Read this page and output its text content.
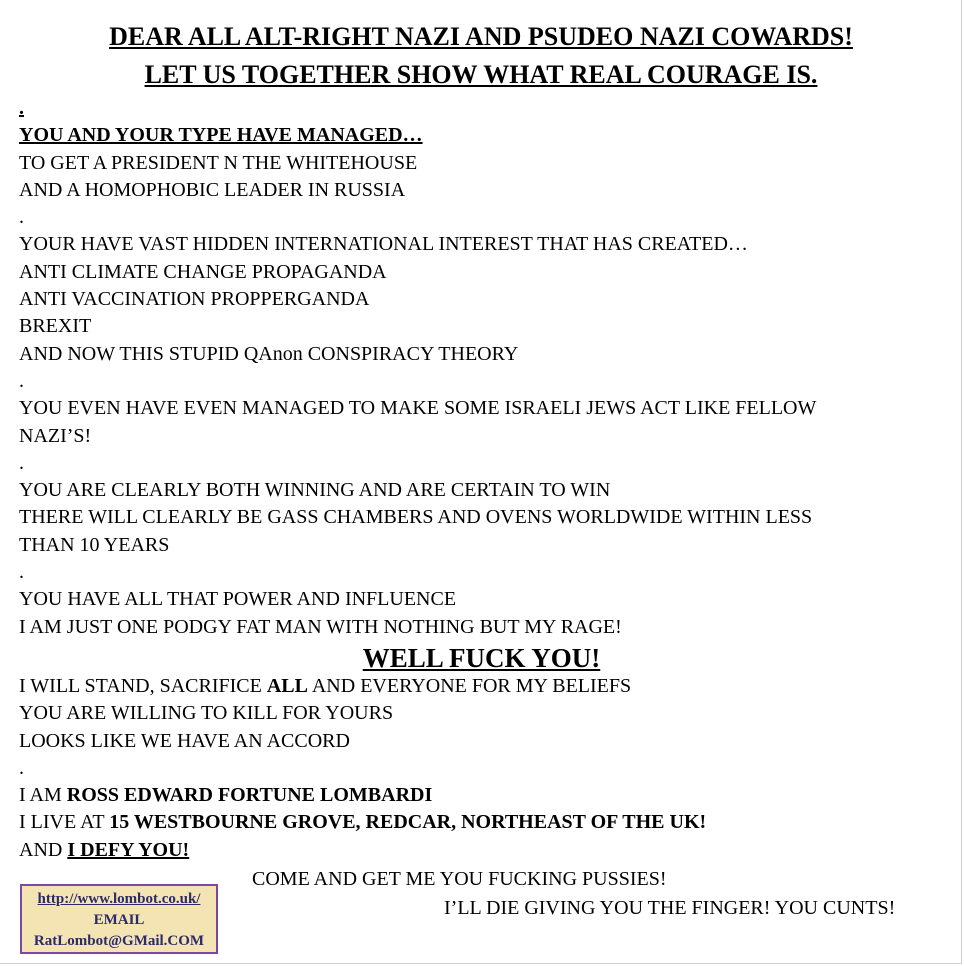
DEAR ALL ALT-RIGHT NAZI AND PSUDEO NAZI COWARDS!
LET US TOGETHER SHOW WHAT REAL COURAGE IS.
.
YOU AND YOUR TYPE HAVE MANAGED…
TO GET A PRESIDENT N THE WHITEHOUSE
AND A HOMOPHOBIC LEADER IN RUSSIA
.
YOUR HAVE VAST HIDDEN INTERNATIONAL INTEREST THAT HAS CREATED…
ANTI CLIMATE CHANGE PROPAGANDA
ANTI VACCINATION PROPPERGANDA
BREXIT
AND NOW THIS STUPID QAnon CONSPIRACY THEORY
.
YOU EVEN HAVE EVEN MANAGED TO MAKE SOME ISRAELI JEWS ACT LIKE FELLOW
NAZI’S!
.
YOU ARE CLEARLY BOTH WINNING AND ARE CERTAIN TO WIN
THERE WILL CLEARLY BE GASS CHAMBERS AND OVENS WORLDWIDE WITHIN LESS
THAN 10 YEARS
.
YOU HAVE ALL THAT POWER AND INFLUENCE
I AM JUST ONE PODGY FAT MAN WITH NOTHING BUT MY RAGE!
WELL FUCK YOU!
I WILL STAND, SACRIFICE ALL AND EVERYONE FOR MY BELIEFS
YOU ARE WILLING TO KILL FOR YOURS
LOOKS LIKE WE HAVE AN ACCORD
.
I AM ROSS EDWARD FORTUNE LOMBARDI
I LIVE AT 15 WESTBOURNE GROVE, REDCAR, NORTHEAST OF THE UK!
AND I DEFY YOU!
COME AND GET ME YOU FUCKING PUSSIES!
I’LL DIE GIVING YOU THE FINGER! YOU CUNTS!
http://www.lombot.co.uk/
EMAIL
RatLombot@GMail.COM
